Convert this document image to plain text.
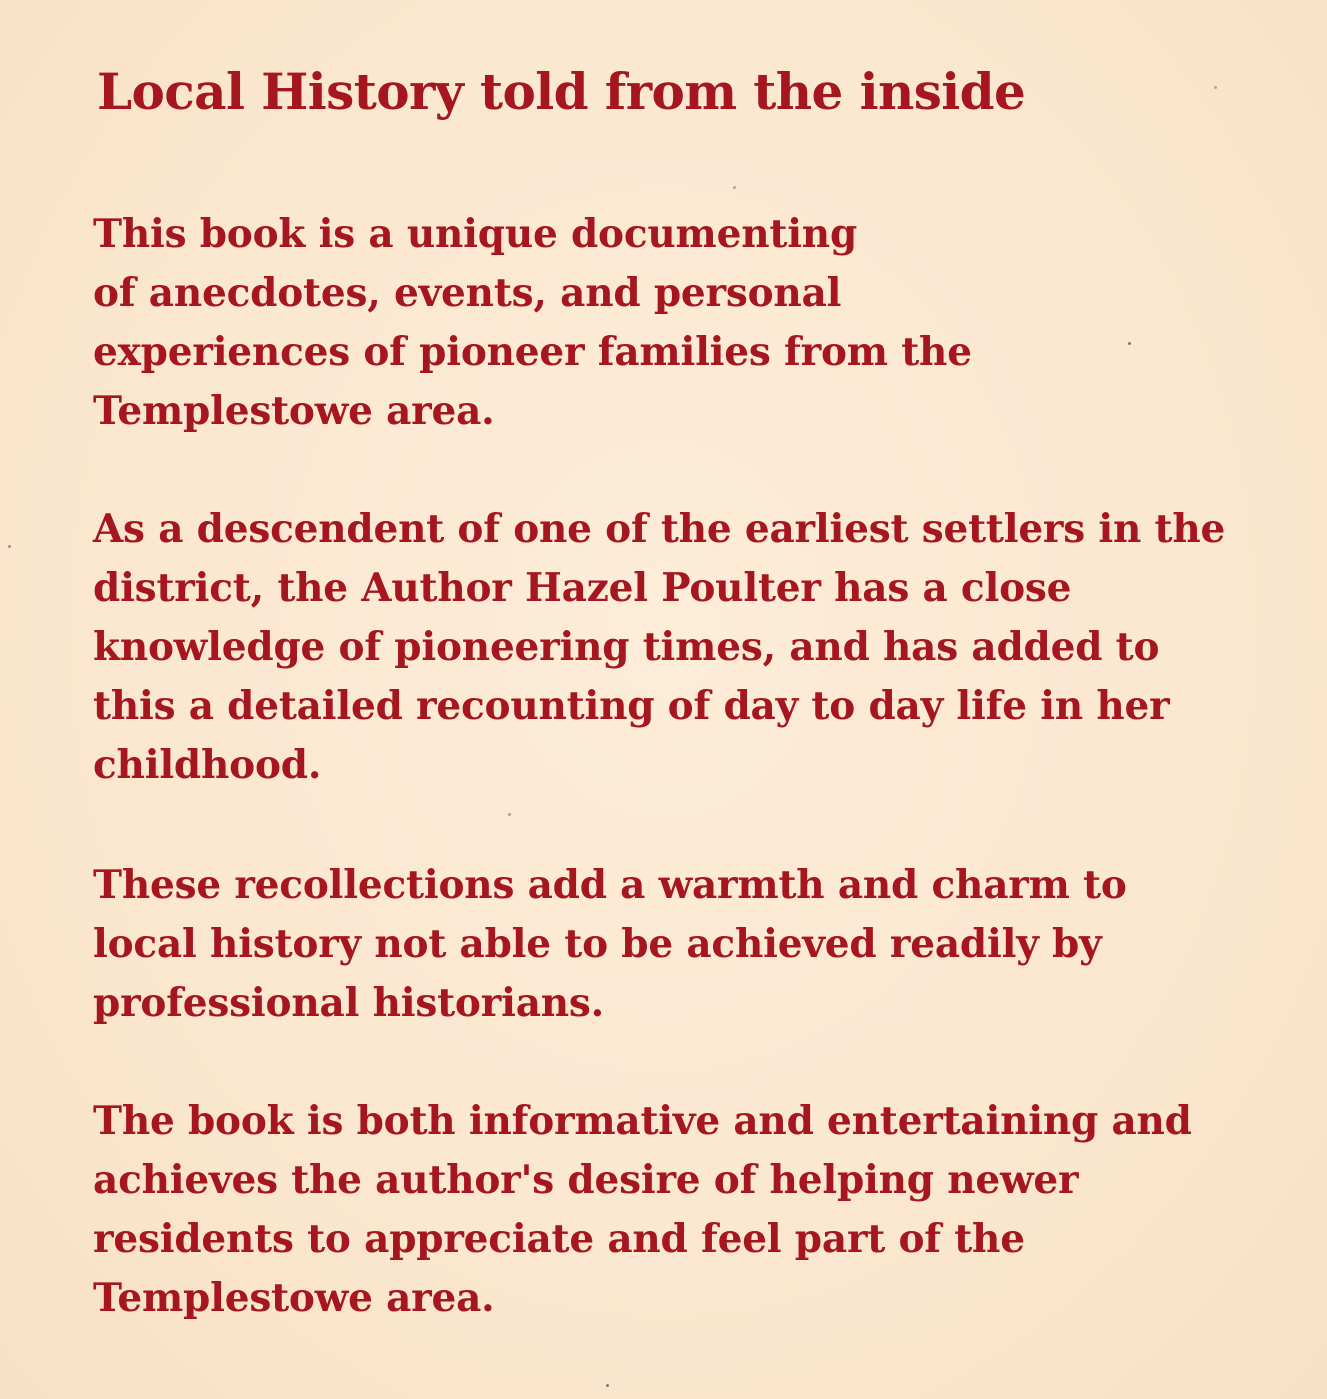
Local History told from the inside

This book is a unique documenting
of anecdotes, events, and personal
experiences of pioneer families from the
Templestowe area.

As a descendent of one of the earliest settlers in the
district, the Author Hazel Poulter has a close
knowledge of pioneering times, and has added to
this a detailed recounting of day to day life in her
childhood.

These recollections add a warmth and charm to
local history not able to be achieved readily by
professional historians.

The book is both informative and entertaining and
achieves the author's desire of helping newer
residents to appreciate and feel part of the
Templestowe area.
